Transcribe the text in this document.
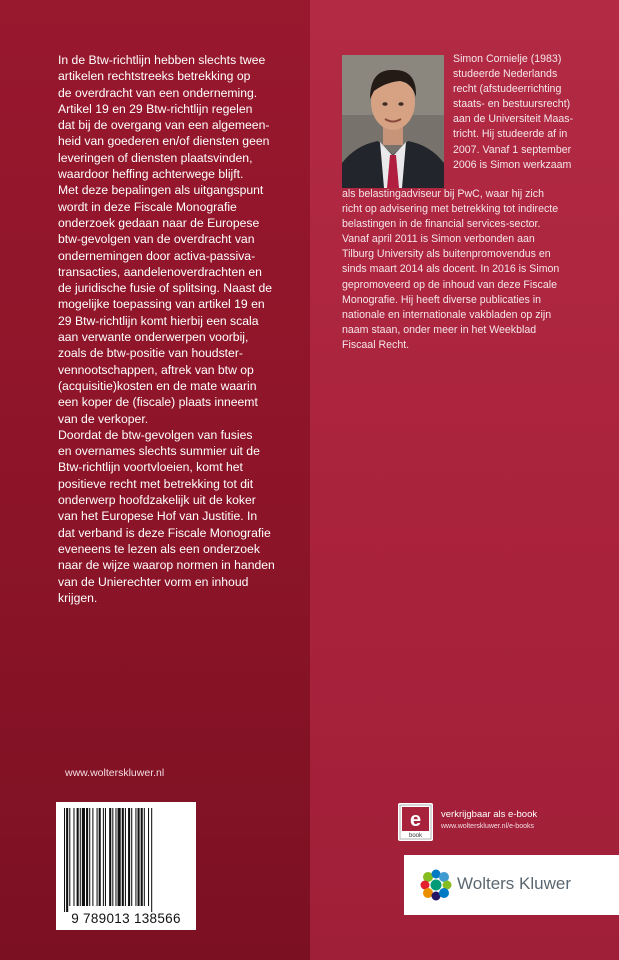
In de Btw-richtlijn hebben slechts twee
artikelen rechtstreeks betrekking op
de overdracht van een onderneming.
Artikel 19 en 29 Btw-richtlijn regelen
dat bij de overgang van een algemeen-
heid van goederen en/of diensten geen
leveringen of diensten plaatsvinden,
waardoor heffing achterwege blijft.
Met deze bepalingen als uitgangspunt
wordt in deze Fiscale Monografie
onderzoek gedaan naar de Europese
btw-gevolgen van de overdracht van
ondernemingen door activa-passiva-
transacties, aandelenoverdrachten en
de juridische fusie of splitsing. Naast de
mogelijke toepassing van artikel 19 en
29 Btw-richtlijn komt hierbij een scala
aan verwante onderwerpen voorbij,
zoals de btw-positie van houdster-
vennootschappen, aftrek van btw op
(acquisitie)kosten en de mate waarin
een koper de (fiscale) plaats inneemt
van de verkoper.
Doordat de btw-gevolgen van fusies
en overnames slechts summier uit de
Btw-richtlijn voortvloeien, komt het
positieve recht met betrekking tot dit
onderwerp hoofdzakelijk uit de koker
van het Europese Hof van Justitie. In
dat verband is deze Fiscale Monografie
eveneens te lezen als een onderzoek
naar de wijze waarop normen in handen
van de Unierechter vorm en inhoud
krijgen.

Simon Cornielje (1983)
studeerde Nederlands
recht (afstudeerrichting
staats- en bestuursrecht)
aan de Universiteit Maas-
tricht. Hij studeerde af in
2007. Vanaf 1 september
2006 is Simon werkzaam

als belastingadviseur bij PwC, waar hij zich
richt op advisering met betrekking tot indirecte
belastingen in de financial services-sector.
Vanaf april 2011 is Simon verbonden aan
Tilburg University als buitenpromovendus en
sinds maart 2014 als docent. In 2016 is Simon
gepromoveerd op de inhoud van deze Fiscale
Monografie. Hij heeft diverse publicaties in
nationale en internationale vakbladen op zijn
naam staan, onder meer in het Weekblad
Fiscaal Recht.

www.wolterskluwer.nl
9 789013 138566
e
book
verkrijgbaar als e-book
www.wolterskluwer.nl/e-books
Wolters Kluwer
